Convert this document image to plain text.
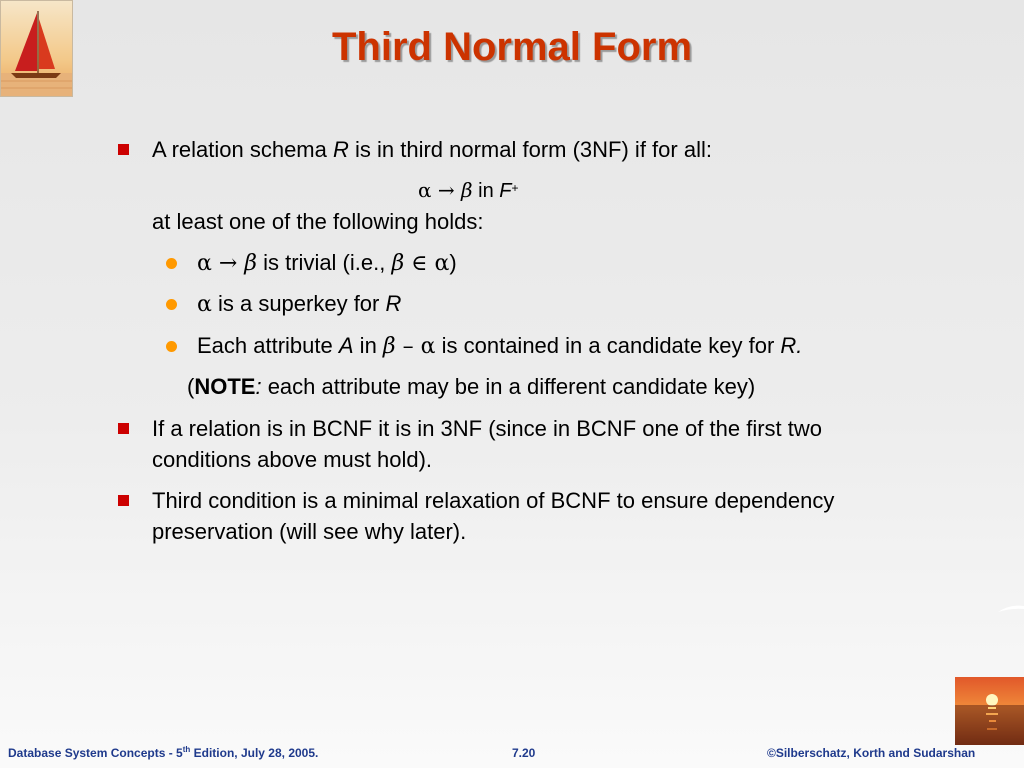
Third Normal Form
A relation schema R is in third normal form (3NF) if for all:
α → β in F+
at least one of the following holds:
α → β is trivial (i.e., β ∈ α)
α is a superkey for R
Each attribute A in β – α is contained in a candidate key for R.
(NOTE: each attribute may be in a different candidate key)
If a relation is in BCNF it is in 3NF (since in BCNF one of the first two
conditions above must hold).
Third condition is a minimal relaxation of BCNF to ensure dependency
preservation (will see why later).
Database System Concepts - 5th Edition, July 28, 2005.	7.20	©Silberschatz, Korth and Sudarshan
